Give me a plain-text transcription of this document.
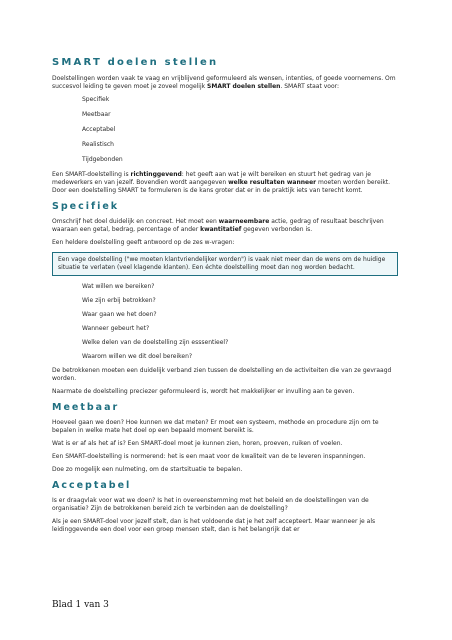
SMART doelen stellen

Doelstellingen worden vaak te vaag en vrijblijvend geformuleerd als wensen, intenties, of goede voornemens. Om succesvol leiding te geven moet je zoveel mogelijk SMART doelen stellen. SMART staat voor:

Specifiek
Meetbaar
Acceptabel
Realistisch
Tijdgebonden

Een SMART-doelstelling is richtinggevend: het geeft aan wat je wilt bereiken en stuurt het gedrag van je medewerkers en van jezelf. Bovendien wordt aangegeven welke resultaten wanneer moeten worden bereikt. Door een doelstelling SMART te formuleren is de kans groter dat er in de praktijk iets van terecht komt.

Specifiek

Omschrijf het doel duidelijk en concreet. Het moet een waarneembare actie, gedrag of resultaat beschrijven waaraan een getal, bedrag, percentage of ander kwantitatief gegeven verbonden is.

Een heldere doelstelling geeft antwoord op de zes w-vragen:

Een vage doelstelling ("we moeten klantvriendelijker worden") is vaak niet meer dan de wens om de huidige situatie te verlaten (veel klagende klanten). Een échte doelstelling moet dan nog worden bedacht.

Wat willen we bereiken?
Wie zijn erbij betrokken?
Waar gaan we het doen?
Wanneer gebeurt het?
Welke delen van de doelstelling zijn esssentieel?
Waarom willen we dit doel bereiken?

De betrokkenen moeten een duidelijk verband zien tussen de doelstelling en de activiteiten die van ze gevraagd worden.

Naarmate de doelstelling preciezer geformuleerd is, wordt het makkelijker er invulling aan te geven.

Meetbaar

Hoeveel gaan we doen? Hoe kunnen we dat meten? Er moet een systeem, methode en procedure zijn om te bepalen in welke mate het doel op een bepaald moment bereikt is.

Wat is er af als het af is? Een SMART-doel moet je kunnen zien, horen, proeven, ruiken of voelen.

Een SMART-doelstelling is normerend: het is een maat voor de kwaliteit van de te leveren inspanningen.

Doe zo mogelijk een nulmeting, om de startsituatie te bepalen.

Acceptabel

Is er draagvlak voor wat we doen? Is het in overeenstemming met het beleid en de doelstellingen van de organisatie? Zijn de betrokkenen bereid zich te verbinden aan de doelstelling?

Als je een SMART-doel voor jezelf stelt, dan is het voldoende dat je het zelf accepteert. Maar wanneer je als leidinggevende een doel voor een groep mensen stelt, dan is het belangrijk dat er

Blad 1 van 3
